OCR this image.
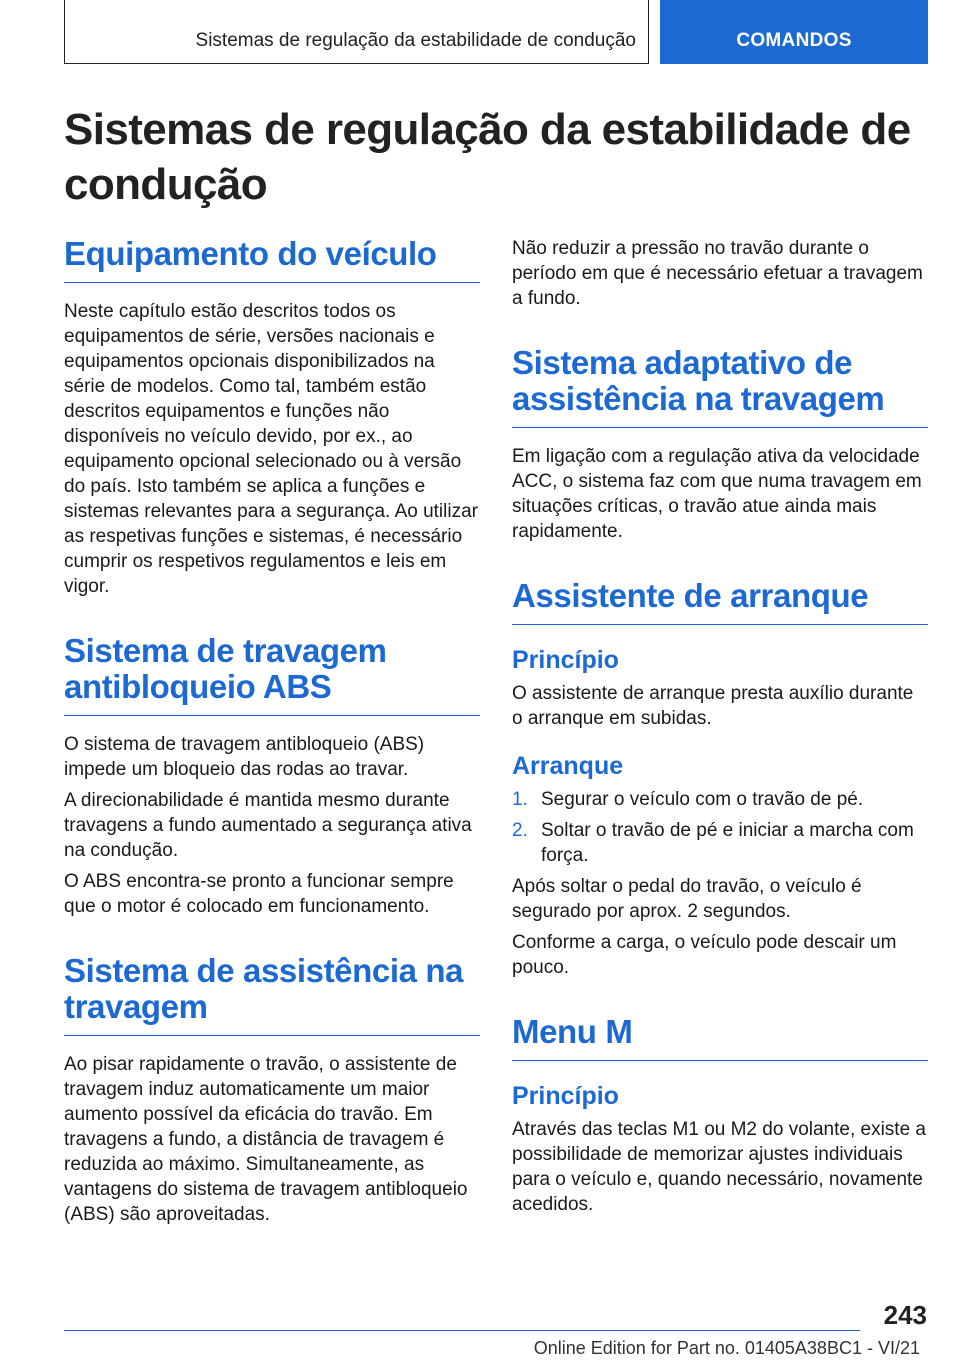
Sistemas de regulação da estabilidade de condução	COMANDOS
Sistemas de regulação da estabilidade de condução
Equipamento do veículo

Neste capítulo estão descritos todos os equipamentos de série, versões nacionais e equipamentos opcionais disponibilizados na série de modelos. Como tal, também estão descritos equipamentos e funções não disponíveis no veículo devido, por ex., ao equipamento opcional selecionado ou à versão do país. Isto também se aplica a funções e sistemas relevantes para a segurança. Ao utilizar as respetivas funções e sistemas, é necessário cumprir os respetivos regulamentos e leis em vigor.

Sistema de travagem antibloqueio ABS

O sistema de travagem antibloqueio (ABS) impede um bloqueio das rodas ao travar.

A direcionabilidade é mantida mesmo durante travagens a fundo aumentado a segurança ativa na condução.

O ABS encontra-se pronto a funcionar sempre que o motor é colocado em funcionamento.

Sistema de assistência na travagem

Ao pisar rapidamente o travão, o assistente de travagem induz automaticamente um maior aumento possível da eficácia do travão. Em travagens a fundo, a distância de travagem é reduzida ao máximo. Simultaneamente, as vantagens do sistema de travagem antibloqueio (ABS) são aproveitadas.

Não reduzir a pressão no travão durante o período em que é necessário efetuar a travagem a fundo.

Sistema adaptativo de assistência na travagem

Em ligação com a regulação ativa da velocidade ACC, o sistema faz com que numa travagem em situações críticas, o travão atue ainda mais rapidamente.

Assistente de arranque
Princípio

O assistente de arranque presta auxílio durante o arranque em subidas.

Arranque
1. Segurar o veículo com o travão de pé.
2. Soltar o travão de pé e iniciar a marcha com força.

Após soltar o pedal do travão, o veículo é segurado por aprox. 2 segundos.

Conforme a carga, o veículo pode descair um pouco.

Menu M
Princípio

Através das teclas M1 ou M2 do volante, existe a possibilidade de memorizar ajustes individuais para o veículo e, quando necessário, novamente acedidos.

243
Online Edition for Part no. 01405A38BC1 - VI/21
